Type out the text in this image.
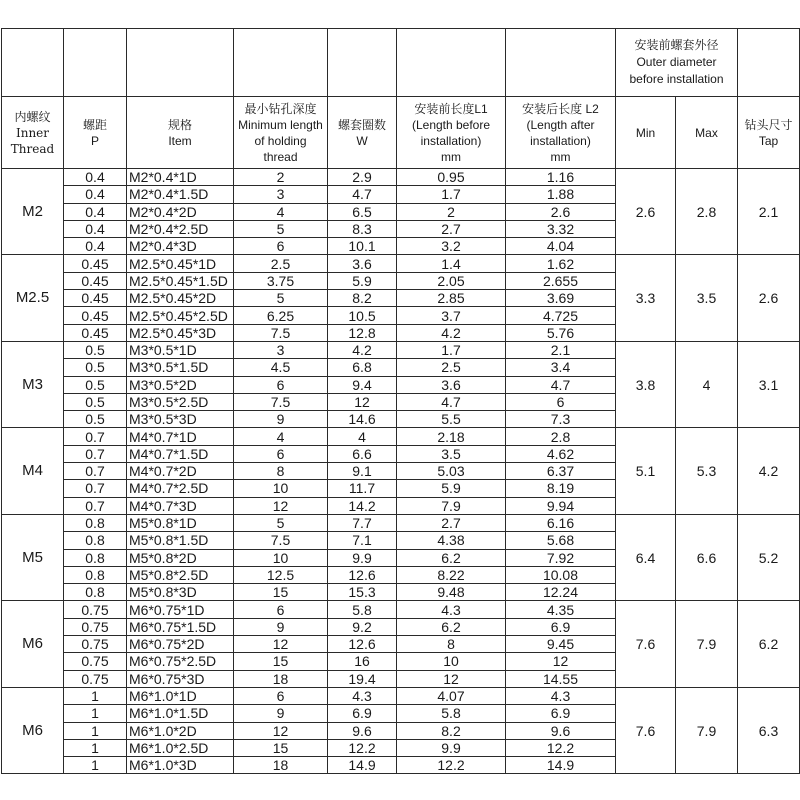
							安装前螺套外径
Outer diameter
before installation		

内螺纹
Inner
Thread	螺距
P	规格
Item	最小钻孔深度
Minimum length
of holding
thread	螺套圈数
W	安装前长度L1
(Length before
installation)
mm	安装后长度 L2
(Length after
installation)
mm	Min	Max	钻头尺寸
Tap

M2	0.4	M2*0.4*1D	2	2.9	0.95	1.16	2.6	2.8	2.1
	0.4	M2*0.4*1.5D	3	4.7	1.7	1.88			
	0.4	M2*0.4*2D	4	6.5	2	2.6			
	0.4	M2*0.4*2.5D	5	8.3	2.7	3.32			
	0.4	M2*0.4*3D	6	10.1	3.2	4.04			
M2.5	0.45	M2.5*0.45*1D	2.5	3.6	1.4	1.62	3.3	3.5	2.6
	0.45	M2.5*0.45*1.5D	3.75	5.9	2.05	2.655			
	0.45	M2.5*0.45*2D	5	8.2	2.85	3.69			
	0.45	M2.5*0.45*2.5D	6.25	10.5	3.7	4.725			
	0.45	M2.5*0.45*3D	7.5	12.8	4.2	5.76			
M3	0.5	M3*0.5*1D	3	4.2	1.7	2.1	3.8	4	3.1
	0.5	M3*0.5*1.5D	4.5	6.8	2.5	3.4			
	0.5	M3*0.5*2D	6	9.4	3.6	4.7			
	0.5	M3*0.5*2.5D	7.5	12	4.7	6			
	0.5	M3*0.5*3D	9	14.6	5.5	7.3			
M4	0.7	M4*0.7*1D	4	4	2.18	2.8	5.1	5.3	4.2
	0.7	M4*0.7*1.5D	6	6.6	3.5	4.62			
	0.7	M4*0.7*2D	8	9.1	5.03	6.37			
	0.7	M4*0.7*2.5D	10	11.7	5.9	8.19			
	0.7	M4*0.7*3D	12	14.2	7.9	9.94			
M5	0.8	M5*0.8*1D	5	7.7	2.7	6.16	6.4	6.6	5.2
	0.8	M5*0.8*1.5D	7.5	7.1	4.38	5.68			
	0.8	M5*0.8*2D	10	9.9	6.2	7.92			
	0.8	M5*0.8*2.5D	12.5	12.6	8.22	10.08			
	0.8	M5*0.8*3D	15	15.3	9.48	12.24			
M6	0.75	M6*0.75*1D	6	5.8	4.3	4.35	7.6	7.9	6.2
	0.75	M6*0.75*1.5D	9	9.2	6.2	6.9			
	0.75	M6*0.75*2D	12	12.6	8	9.45			
	0.75	M6*0.75*2.5D	15	16	10	12			
	0.75	M6*0.75*3D	18	19.4	12	14.55			
M6	1	M6*1.0*1D	6	4.3	4.07	4.3	7.6	7.9	6.3
	1	M6*1.0*1.5D	9	6.9	5.8	6.9			
	1	M6*1.0*2D	12	9.6	8.2	9.6			
	1	M6*1.0*2.5D	15	12.2	9.9	12.2			
	1	M6*1.0*3D	18	14.9	12.2	14.9			
